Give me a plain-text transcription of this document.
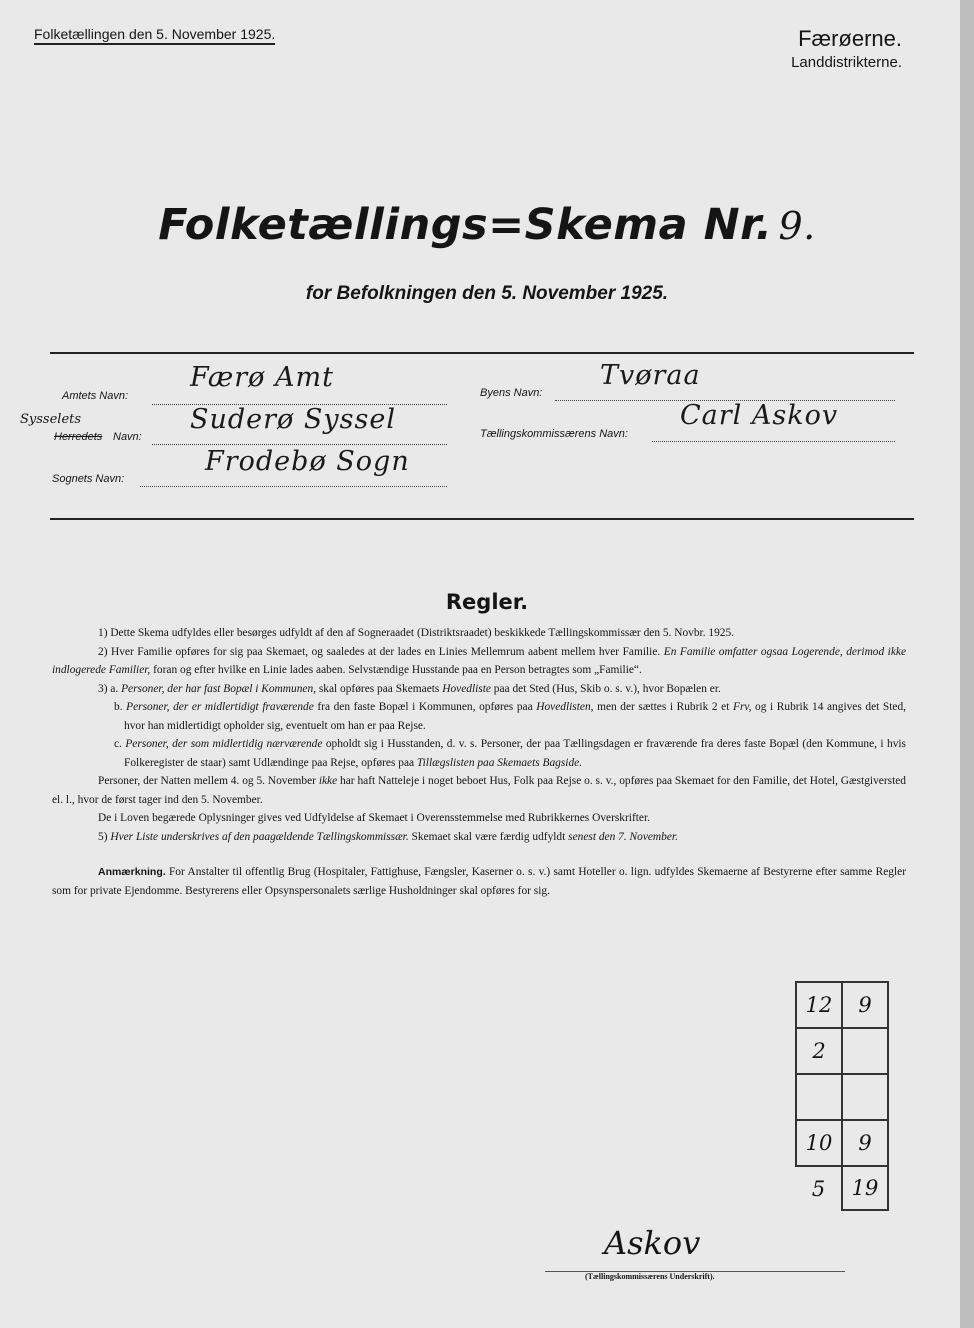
Folketællingen den 5. November 1925.	Færøerne.
Landdistrikterne.
Folketællings=Skema Nr. 9.
for Befolkningen den 5. November 1925.
Amtets Navn:
Færø Amt
Sysselets
Herredets Navn:
Suderø Syssel
Sognets Navn:
Frodebø Sogn
Byens Navn:
Tvøraa
Tællingskommissærens Navn:
Carl Askov
Regler.

1) Dette Skema udfyldes eller besørges udfyldt af den af Sogneraadet (Distriktsraadet) beskikkede Tællingskommissær den 5. Novbr. 1925.

2) Hver Familie opføres for sig paa Skemaet, og saaledes at der lades en Linies Mellemrum aabent mellem hver Familie. En Familie omfatter ogsaa Logerende, derimod ikke indlogerede Familier, foran og efter hvilke en Linie lades aaben. Selvstændige Husstande paa en Person betragtes som „Familie“.

3) a. Personer, der har fast Bopæl i Kommunen, skal opføres paa Skemaets Hovedliste paa det Sted (Hus, Skib o. s. v.), hvor Bopælen er.

b. Personer, der er midlertidigt fraværende fra den faste Bopæl i Kommunen, opføres paa Hovedlisten, men der sættes i Rubrik 2 et Frv, og i Rubrik 14 angives det Sted, hvor han midlertidigt opholder sig, eventuelt om han er paa Rejse.

c. Personer, der som midlertidig nærværende opholdt sig i Husstanden, d. v. s. Personer, der paa Tællingsdagen er fraværende fra deres faste Bopæl (den Kommune, i hvis Folkeregister de staar) samt Udlændinge paa Rejse, opføres paa Tillægslisten paa Skemaets Bagside.

Personer, der Natten mellem 4. og 5. November ikke har haft Natteleje i noget beboet Hus, Folk paa Rejse o. s. v., opføres paa Skemaet for den Familie, det Hotel, Gæstgiversted el. l., hvor de først tager ind den 5. November.

De i Loven begærede Oplysninger gives ved Udfyldelse af Skemaet i Overensstemmelse med Rubrikkernes Overskrifter.

5) Hver Liste underskrives af den paagældende Tællingskommissær. Skemaet skal være færdig udfyldt senest den 7. November.

Anmærkning. For Anstalter til offentlig Brug (Hospitaler, Fattighuse, Fængsler, Kaserner o. s. v.) samt Hoteller o. lign. udfyldes Skemaerne af Bestyrerne efter samme Regler som for private Ejendomme. Bestyrerens eller Opsynspersonalets særlige Husholdninger skal opføres for sig.

12	9
2	

10	9
5	19
Askov
(Tællingskommissærens Underskrift).
